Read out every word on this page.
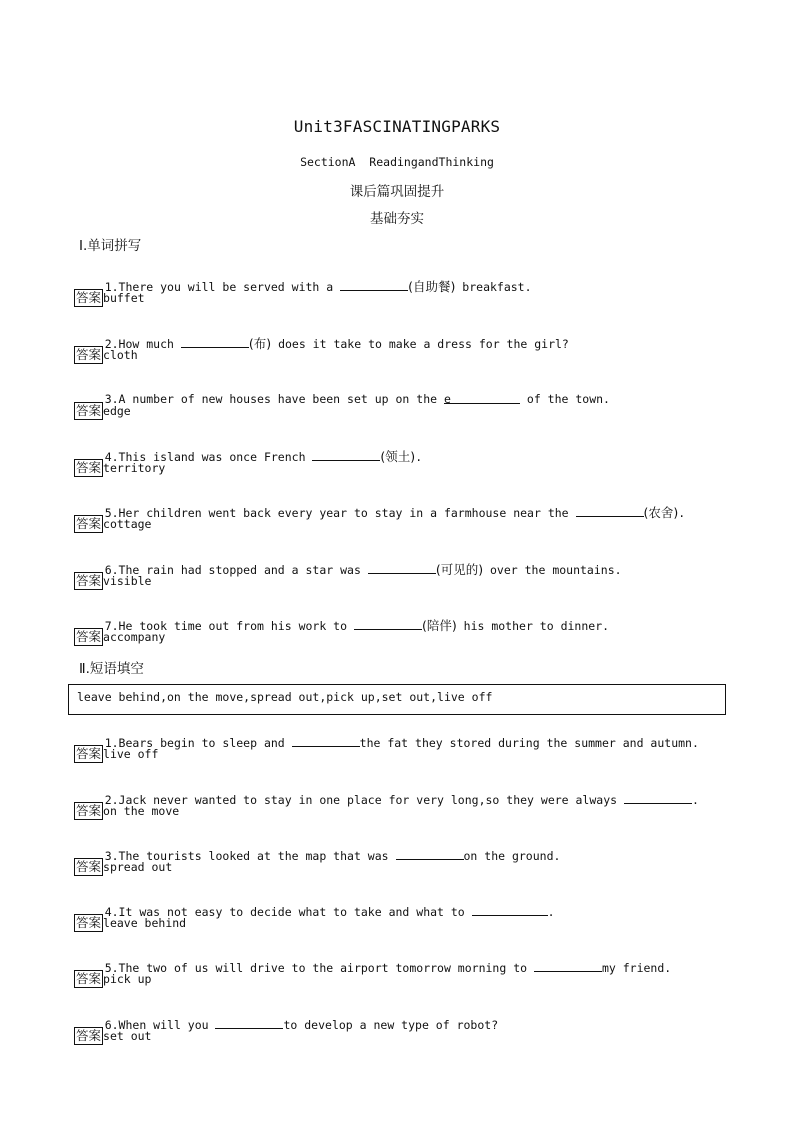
Unit3FASCINATINGPARKS
SectionA  ReadingandThinking
课后篇巩固提升
基础夯实
Ⅰ.单词拼写

1.There you will be served with a	(自助餐) breakfast.

答案 buffet

2.How much	(布) does it take to make a dress for the girl?

答案 cloth

3.A number of new houses have been set up on the e	of the town.

答案 edge

4.This island was once French	(领土).

答案 territory

5.Her children went back every year to stay in a farmhouse near the	(农舍).

答案 cottage

6.The rain had stopped and a star was	(可见的) over the mountains.

答案 visible

7.He took time out from his work to	(陪伴) his mother to dinner.

答案 accompany
Ⅱ.短语填空
leave behind,on the move,spread out,pick up,set out,live off

1.Bears begin to sleep and	the fat they stored during the summer and autumn.

答案 live off

2.Jack never wanted to stay in one place for very long,so they were always	.

答案 on the move

3.The tourists looked at the map that was	on the ground.

答案 spread out

4.It was not easy to decide what to take and what to	.

答案 leave behind

5.The two of us will drive to the airport tomorrow morning to	my friend.

答案 pick up

6.When will you	to develop a new type of robot?

答案 set out
